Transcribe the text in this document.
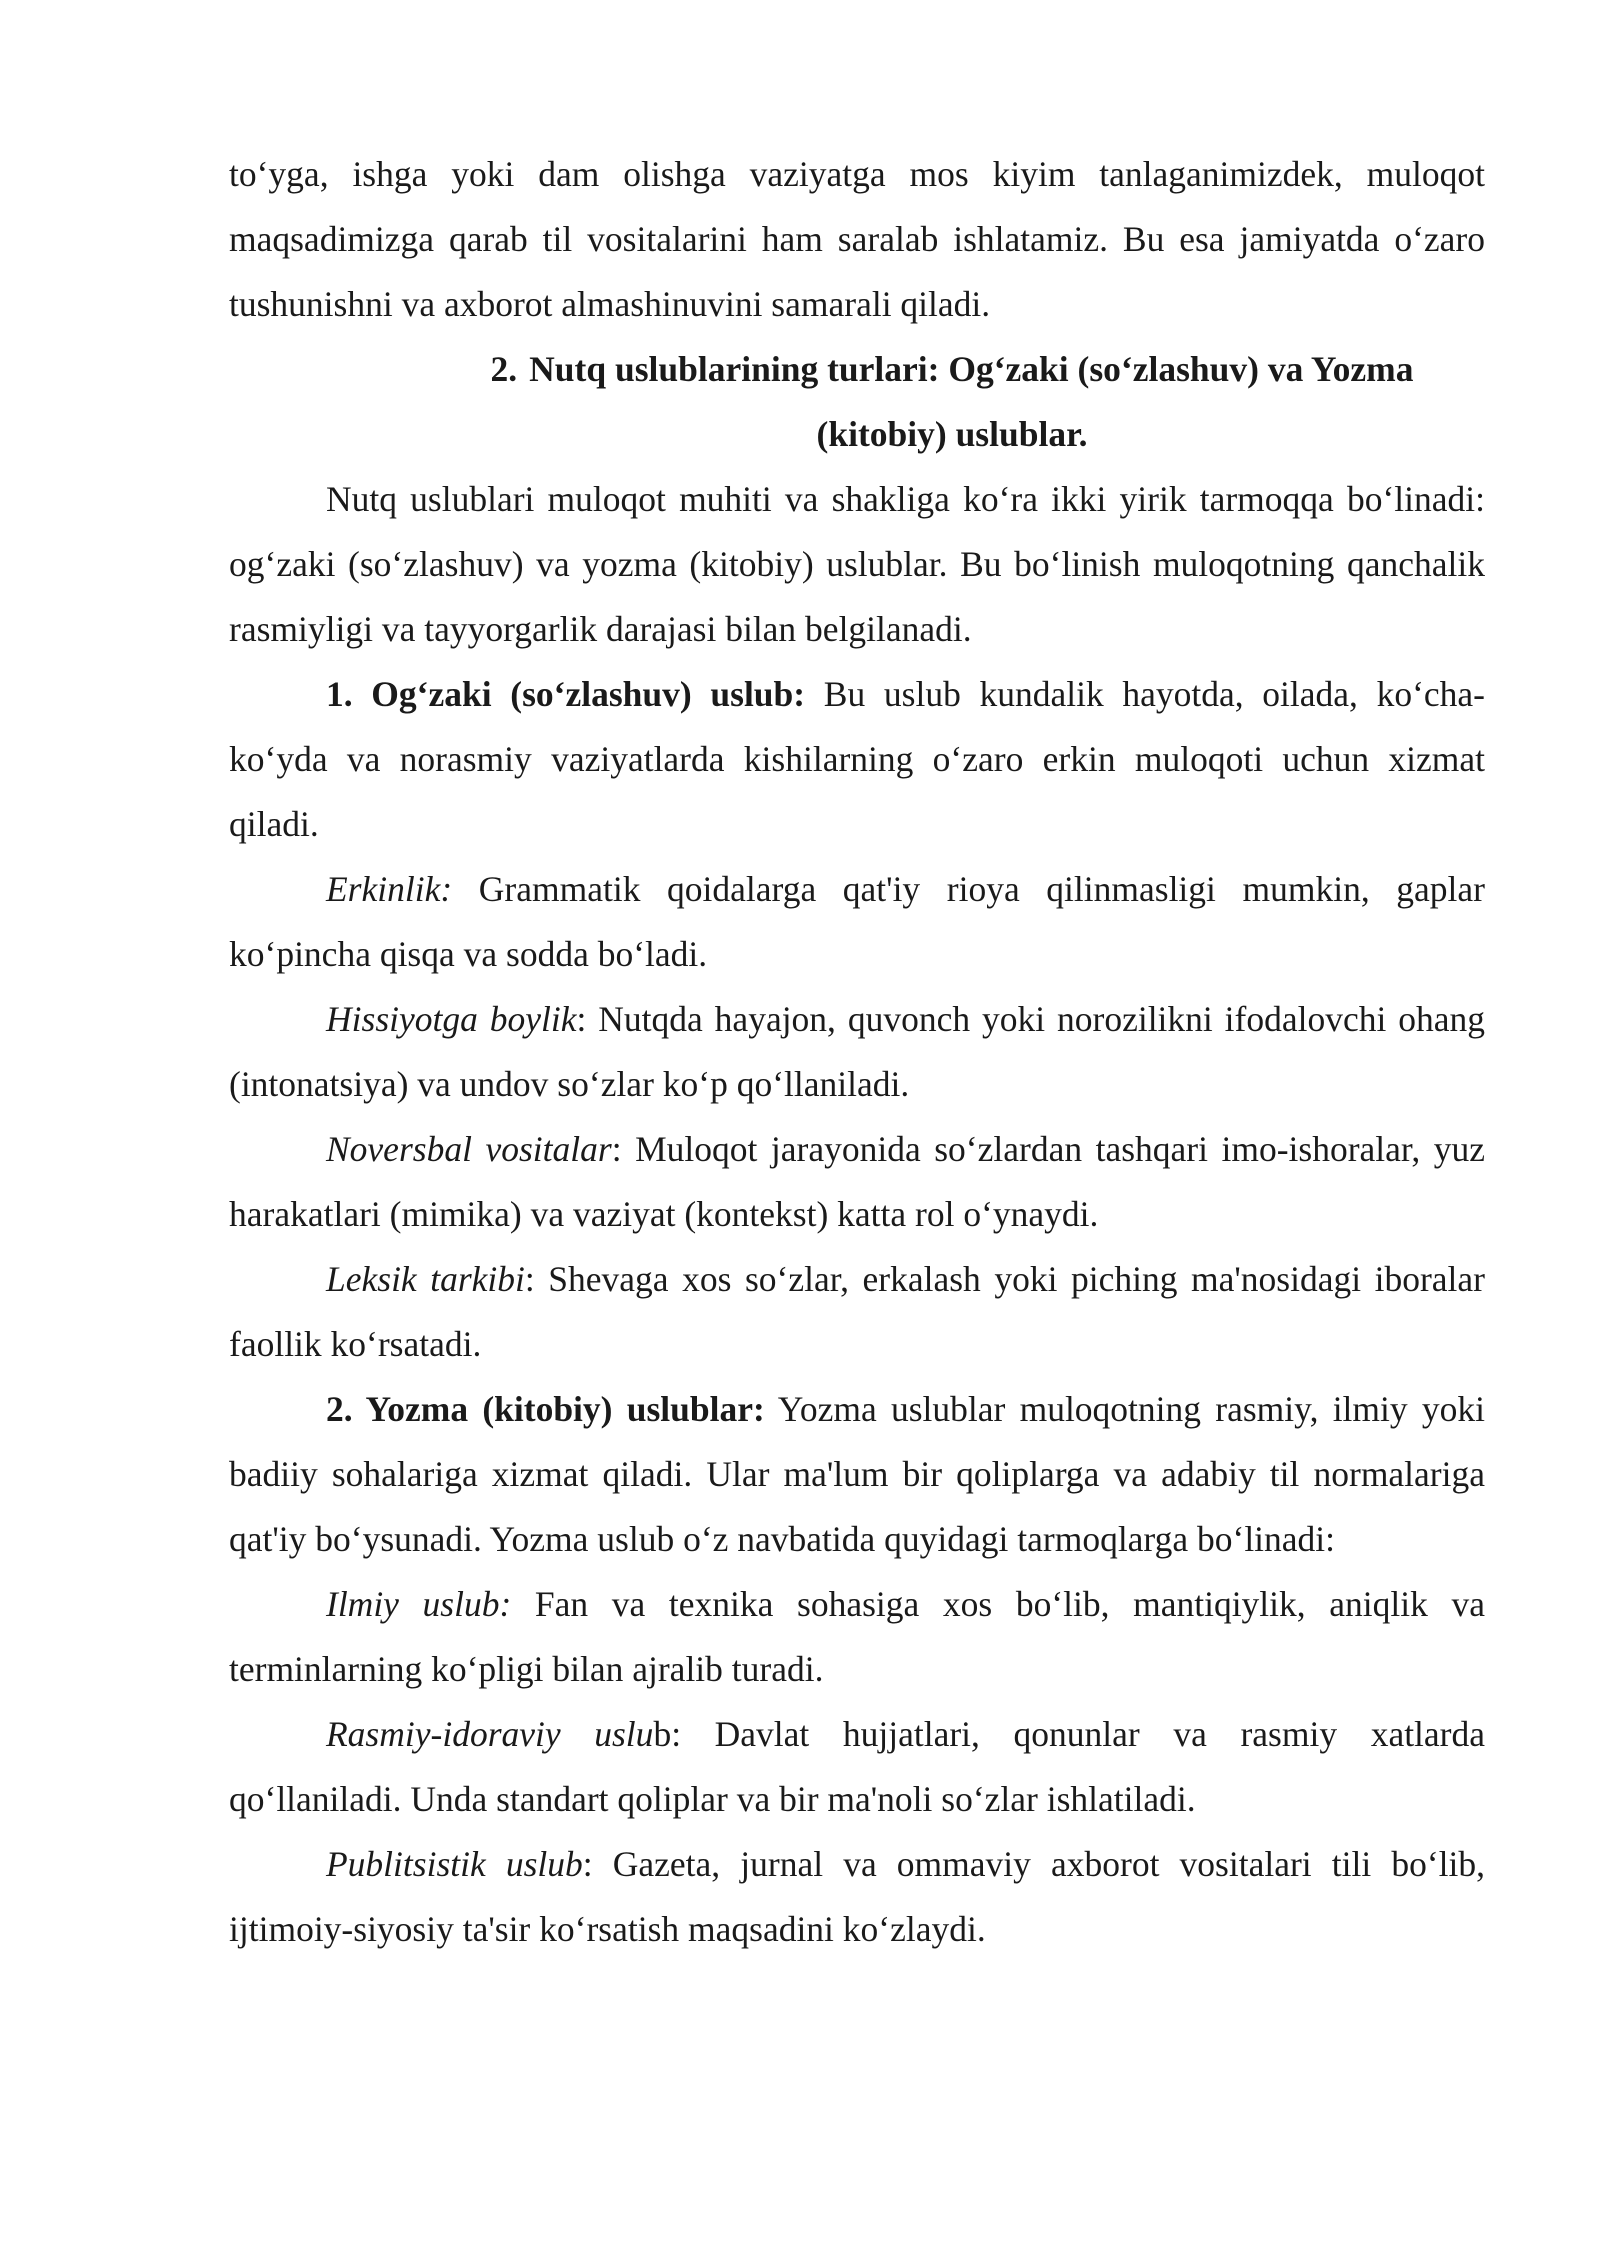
to‘yga, ishga yoki dam olishga vaziyatga mos kiyim tanlaganimizdek, muloqot maqsadimizga qarab til vositalarini ham saralab ishlatamiz. Bu esa jamiyatda o‘zaro tushunishni va axborot almashinuvini samarali qiladi.

2. Nutq uslublarining turlari: Og‘zaki (so‘zlashuv) va Yozma
(kitobiy) uslublar.

Nutq uslublari muloqot muhiti va shakliga ko‘ra ikki yirik tarmoqqa bo‘linadi: og‘zaki (so‘zlashuv) va yozma (kitobiy) uslublar. Bu bo‘linish muloqotning qanchalik rasmiyligi va tayyorgarlik darajasi bilan belgilanadi.

1. Og‘zaki (so‘zlashuv) uslub: Bu uslub kundalik hayotda, oilada, ko‘cha-ko‘yda va norasmiy vaziyatlarda kishilarning o‘zaro erkin muloqoti uchun xizmat qiladi.

Erkinlik: Grammatik qoidalarga qat'iy rioya qilinmasligi mumkin, gaplar ko‘pincha qisqa va sodda bo‘ladi.

Hissiyotga boylik: Nutqda hayajon, quvonch yoki norozilikni ifodalovchi ohang (intonatsiya) va undov so‘zlar ko‘p qo‘llaniladi.

Noversbal vositalar: Muloqot jarayonida so‘zlardan tashqari imo-ishoralar, yuz harakatlari (mimika) va vaziyat (kontekst) katta rol o‘ynaydi.

Leksik tarkibi: Shevaga xos so‘zlar, erkalash yoki piching ma'nosidagi iboralar faollik ko‘rsatadi.

2. Yozma (kitobiy) uslublar: Yozma uslublar muloqotning rasmiy, ilmiy yoki badiiy sohalariga xizmat qiladi. Ular ma'lum bir qoliplarga va adabiy til normalariga qat'iy bo‘ysunadi. Yozma uslub o‘z navbatida quyidagi tarmoqlarga bo‘linadi:

Ilmiy uslub: Fan va texnika sohasiga xos bo‘lib, mantiqiylik, aniqlik va terminlarning ko‘pligi bilan ajralib turadi.

Rasmiy-idoraviy uslub: Davlat hujjatlari, qonunlar va rasmiy xatlarda qo‘llaniladi. Unda standart qoliplar va bir ma'noli so‘zlar ishlatiladi.

Publitsistik uslub: Gazeta, jurnal va ommaviy axborot vositalari tili bo‘lib, ijtimoiy-siyosiy ta'sir ko‘rsatish maqsadini ko‘zlaydi.
